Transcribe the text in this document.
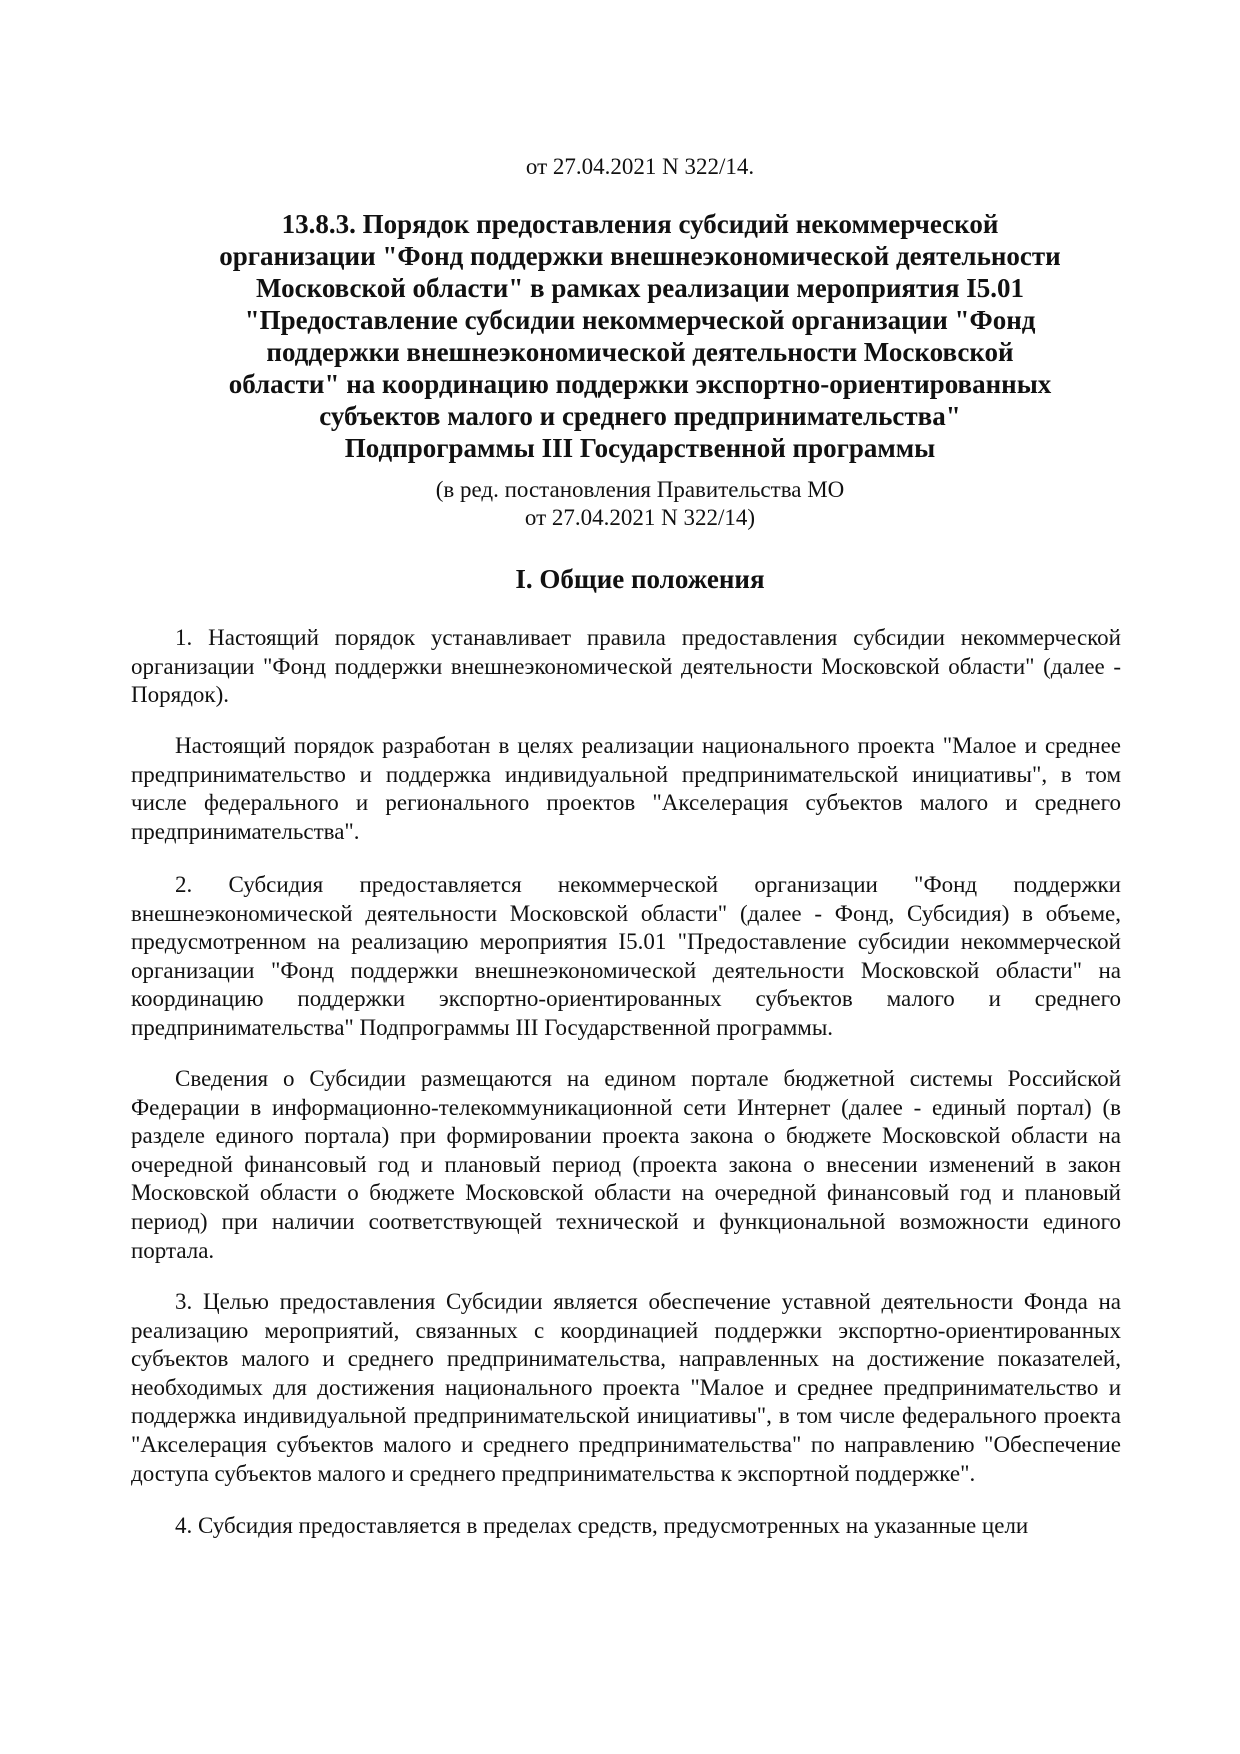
от 27.04.2021 N 322/14.
13.8.3. Порядок предоставления субсидий некоммерческой
организации "Фонд поддержки внешнеэкономической деятельности
Московской области" в рамках реализации мероприятия I5.01
"Предоставление субсидии некоммерческой организации "Фонд
поддержки внешнеэкономической деятельности Московской
области" на координацию поддержки экспортно-ориентированных
субъектов малого и среднего предпринимательства"
Подпрограммы III Государственной программы
(в ред. постановления Правительства МО
от 27.04.2021 N 322/14)
I. Общие положения

1. Настоящий порядок устанавливает правила предоставления субсидии некоммерческой организации "Фонд поддержки внешнеэкономической деятельности Московской области" (далее - Порядок).

Настоящий порядок разработан в целях реализации национального проекта "Малое и среднее предпринимательство и поддержка индивидуальной предпринимательской инициативы", в том числе федерального и регионального проектов "Акселерация субъектов малого и среднего предпринимательства".

2. Субсидия предоставляется некоммерческой организации "Фонд поддержки внешнеэкономической деятельности Московской области" (далее - Фонд, Субсидия) в объеме, предусмотренном на реализацию мероприятия I5.01 "Предоставление субсидии некоммерческой организации "Фонд поддержки внешнеэкономической деятельности Московской области" на координацию поддержки экспортно-ориентированных субъектов малого и среднего предпринимательства" Подпрограммы III Государственной программы.

Сведения о Субсидии размещаются на едином портале бюджетной системы Российской Федерации в информационно-телекоммуникационной сети Интернет (далее - единый портал) (в разделе единого портала) при формировании проекта закона о бюджете Московской области на очередной финансовый год и плановый период (проекта закона о внесении изменений в закон Московской области о бюджете Московской области на очередной финансовый год и плановый период) при наличии соответствующей технической и функциональной возможности единого портала.

3. Целью предоставления Субсидии является обеспечение уставной деятельности Фонда на реализацию мероприятий, связанных с координацией поддержки экспортно-ориентированных субъектов малого и среднего предпринимательства, направленных на достижение показателей, необходимых для достижения национального проекта "Малое и среднее предпринимательство и поддержка индивидуальной предпринимательской инициативы", в том числе федерального проекта "Акселерация субъектов малого и среднего предпринимательства" по направлению "Обеспечение доступа субъектов малого и среднего предпринимательства к экспортной поддержке".

4. Субсидия предоставляется в пределах средств, предусмотренных на указанные цели
